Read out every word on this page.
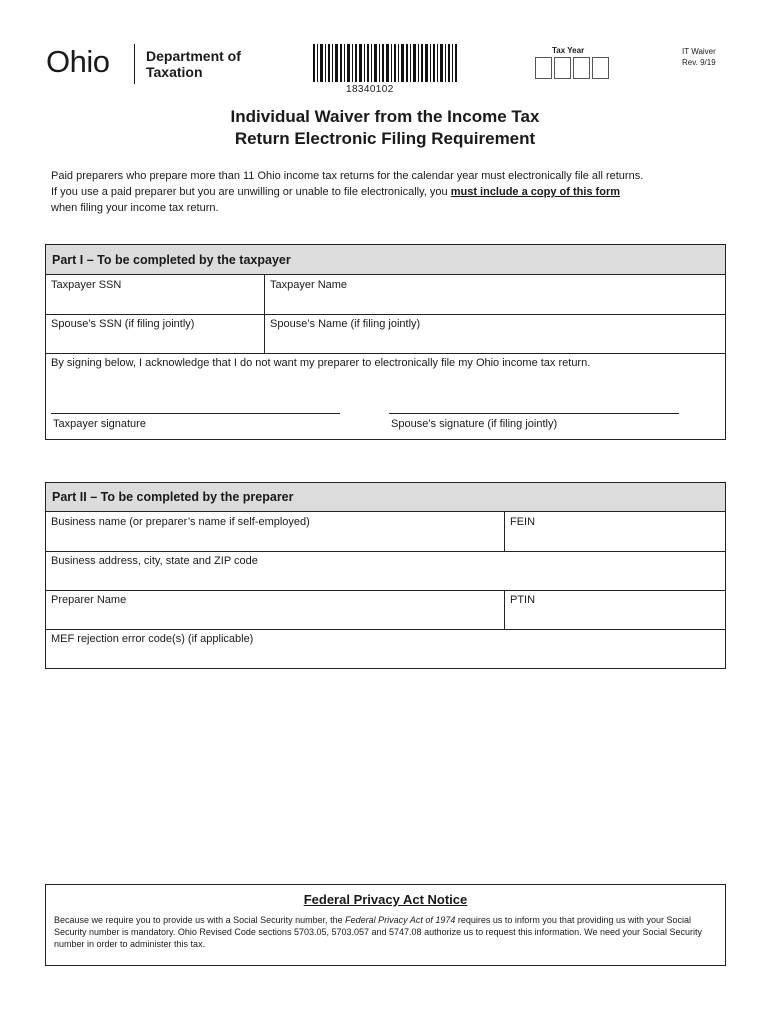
Ohio	Department of
Taxation
18340102
Tax Year	IT Waiver
Rev. 9/19
Individual Waiver from the Income Tax
Return Electronic Filing Requirement
Paid preparers who prepare more than 11 Ohio income tax returns for the calendar year must electronically file all returns.
If you use a paid preparer but you are unwilling or unable to file electronically, you must include a copy of this form
when filing your income tax return.
Part I – To be completed by the taxpayer
Taxpayer SSN	Taxpayer Name
Spouse’s SSN (if filing jointly)	Spouse’s Name (if filing jointly)
By signing below, I acknowledge that I do not want my preparer to electronically file my Ohio income tax return.
Taxpayer signature	Spouse’s signature (if filing jointly)
Part II – To be completed by the preparer
Business name (or preparer’s name if self-employed)	FEIN
Business address, city, state and ZIP code
Preparer Name	PTIN
MEF rejection error code(s) (if applicable)
Federal Privacy Act Notice
Because we require you to provide us with a Social Security number, the Federal Privacy Act of 1974 requires us to inform you that providing us with your Social Security number is mandatory. Ohio Revised Code sections 5703.05, 5703.057 and 5747.08 authorize us to request this information. We need your Social Security number in order to administer this tax.
